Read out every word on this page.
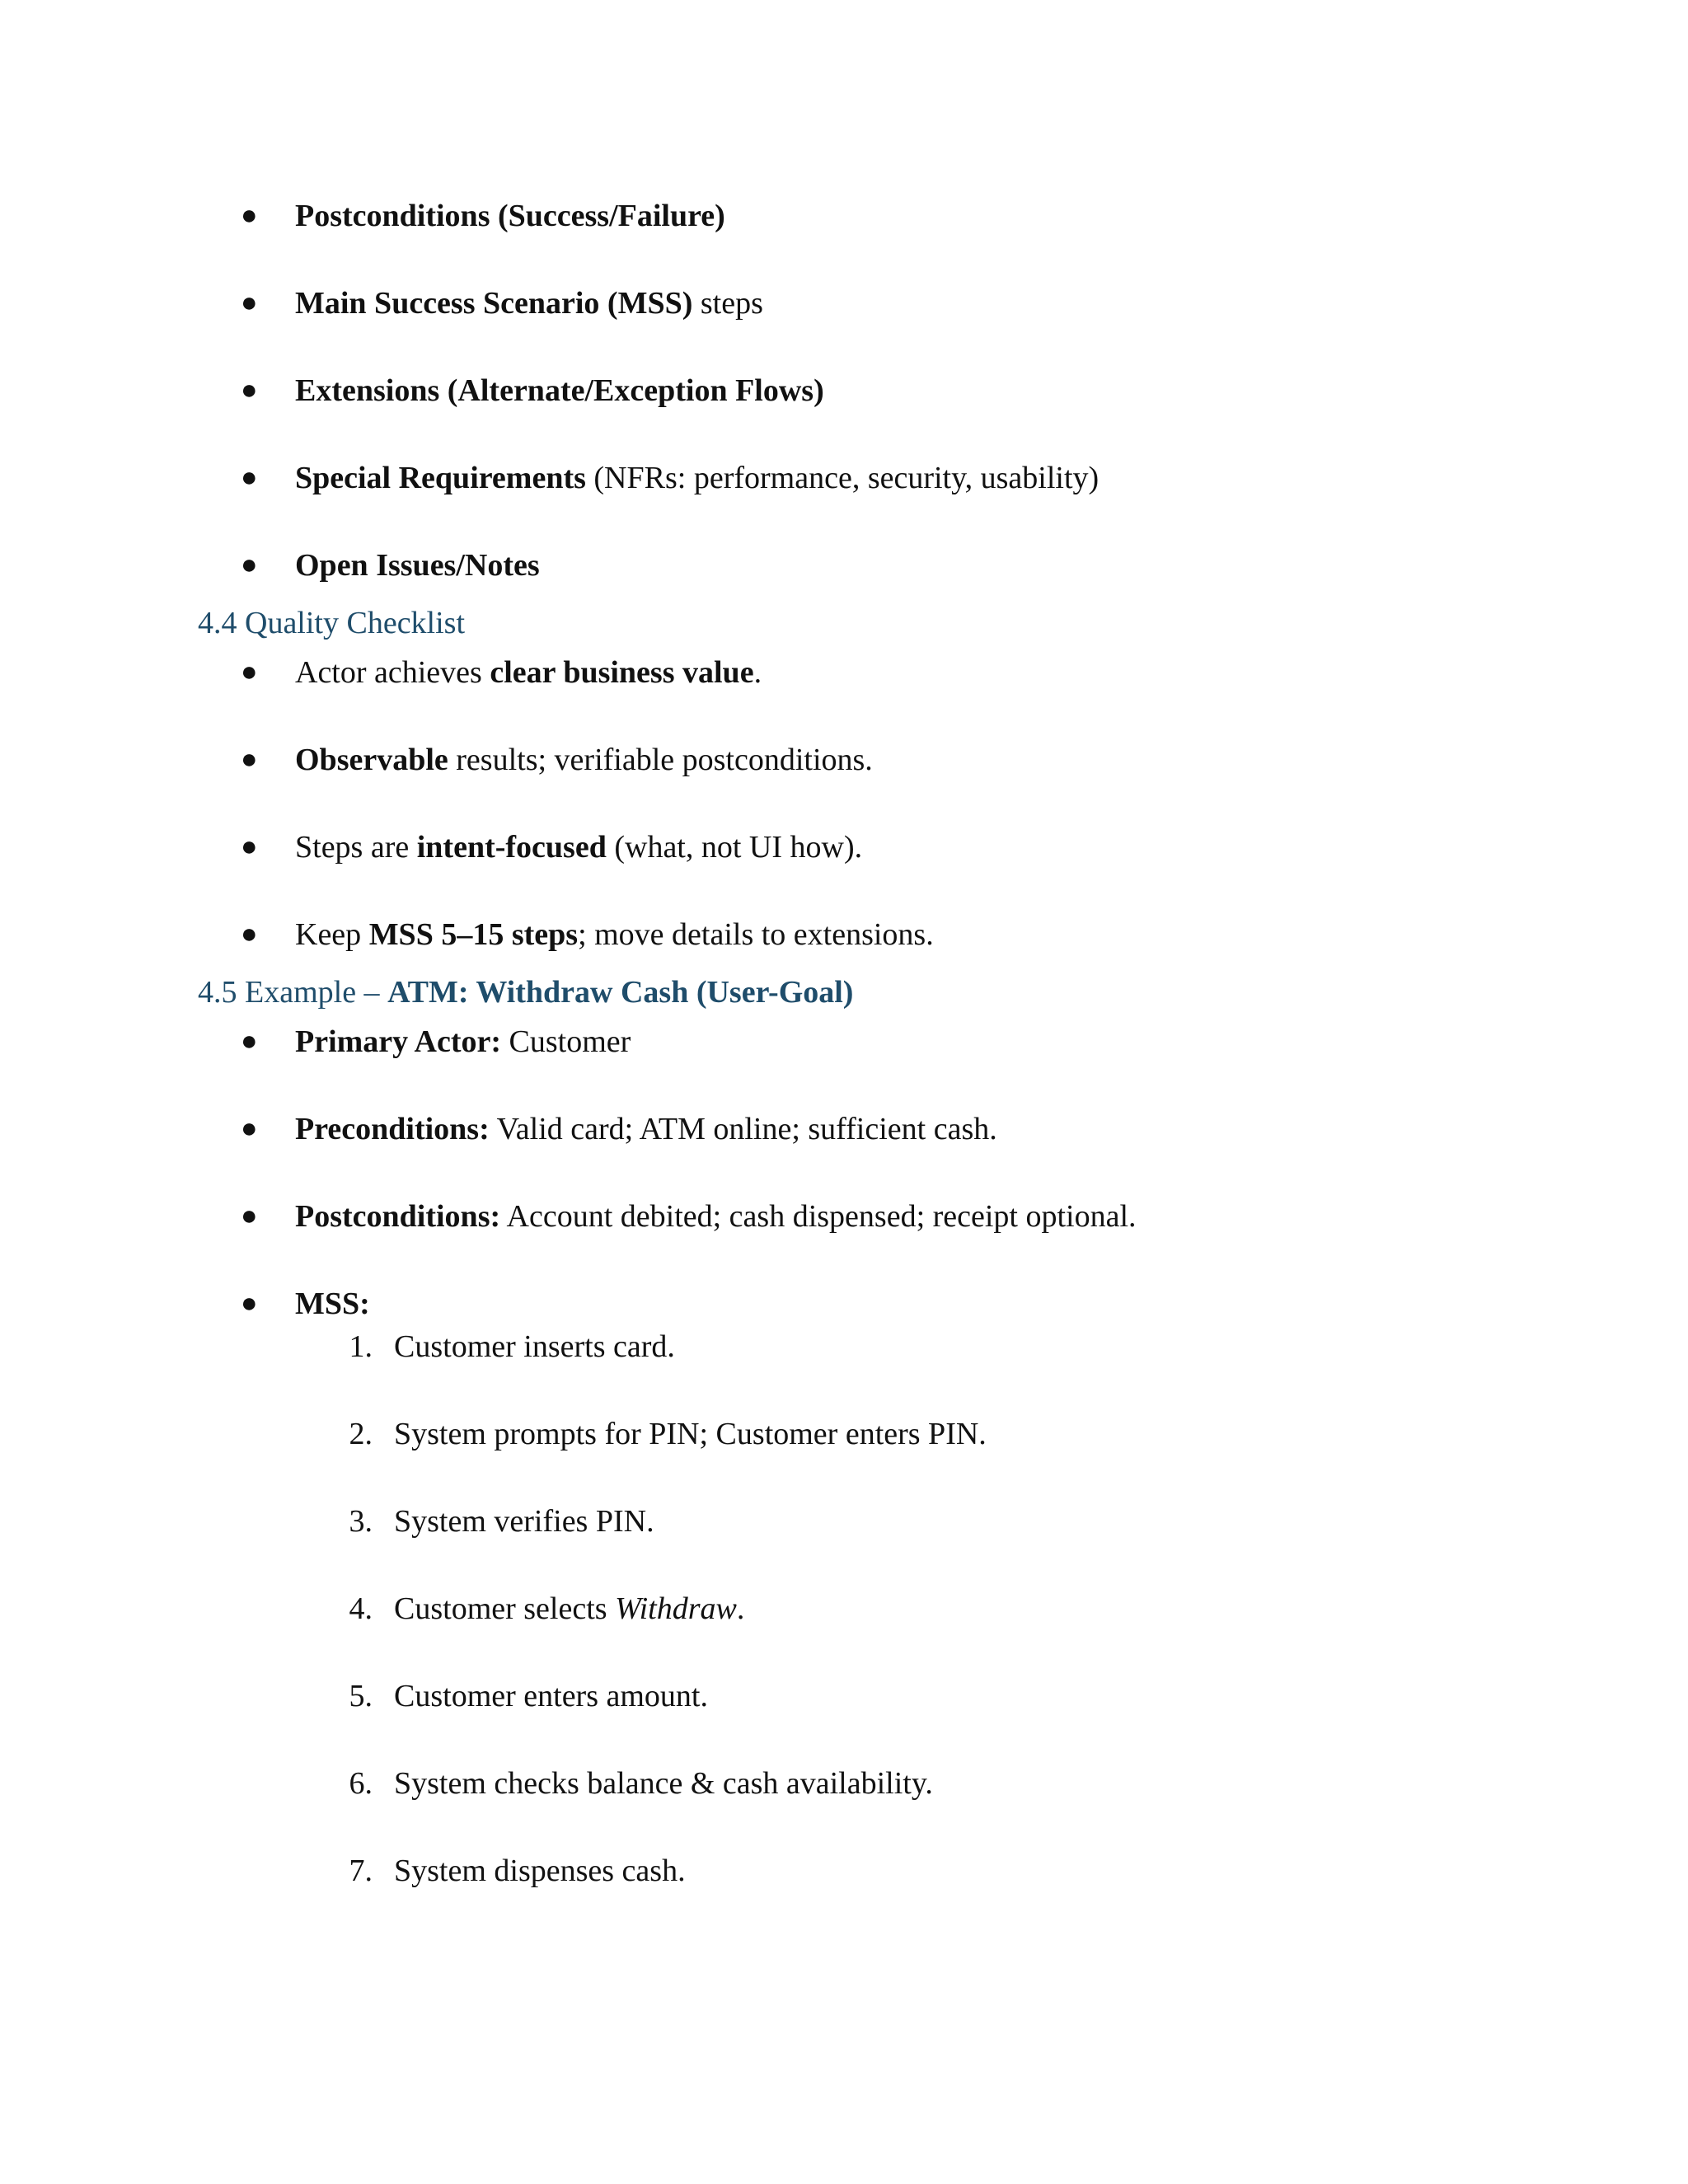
● Postconditions (Success/Failure)
● Main Success Scenario (MSS) steps
● Extensions (Alternate/Exception Flows)
● Special Requirements (NFRs: performance, security, usability)
● Open Issues/Notes
4.4 Quality Checklist
● Actor achieves clear business value.
● Observable results; verifiable postconditions.
● Steps are intent-focused (what, not UI how).
● Keep MSS 5–15 steps; move details to extensions.
4.5 Example – ATM: Withdraw Cash (User-Goal)
● Primary Actor: Customer
● Preconditions: Valid card; ATM online; sufficient cash.
● Postconditions: Account debited; cash dispensed; receipt optional.
● MSS:
1. Customer inserts card.
2. System prompts for PIN; Customer enters PIN.
3. System verifies PIN.
4. Customer selects Withdraw.
5. Customer enters amount.
6. System checks balance & cash availability.
7. System dispenses cash.
